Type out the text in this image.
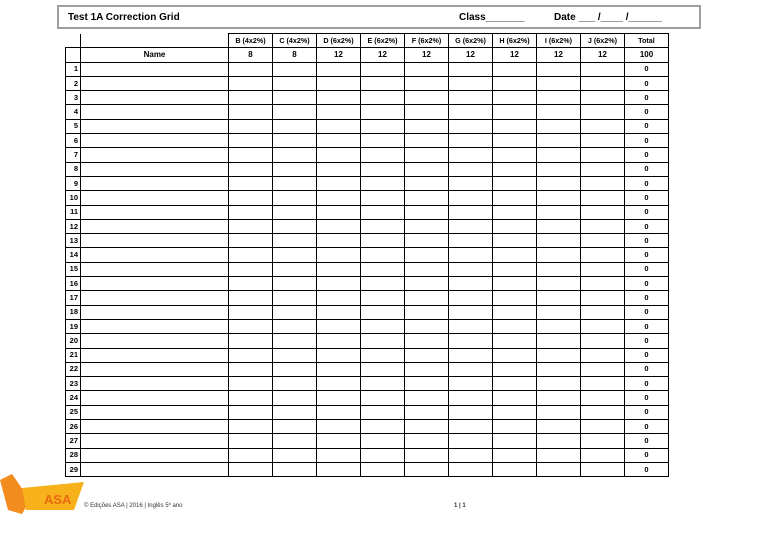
Test 1A Correction Grid	Class_______	Date ___ /____ /______
		B (4x2%)	C (4x2%)	D (6x2%)	E (6x2%)	F (6x2%)	G (6x2%)	H (6x2%)	I (6x2%)	J (6x2%)	Total
	Name	8	8	12	12	12	12	12	12	12	100
1											0
2											0
3											0
4											0
5											0
6											0
7											0
8											0
9											0
10											0
11											0
12											0
13											0
14											0
15											0
16											0
17											0
18											0
19											0
20											0
21											0
22											0
23											0
24											0
25											0
26											0
27											0
28											0
29											0
ASA © Edições ASA | 2016 | Inglês 5º ano	1 | 1
